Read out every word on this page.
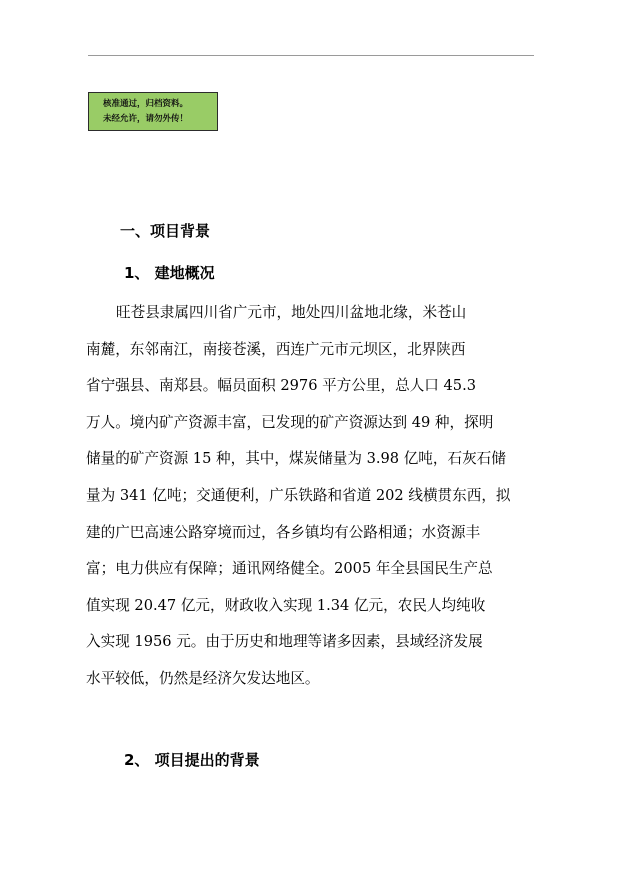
核准通过，归档资料。
未经允许，请勿外传！
一、项目背景
1、 建地概况
旺苍县隶属四川省广元市，地处四川盆地北缘，米苍山
南麓，东邻南江，南接苍溪，西连广元市元坝区，北界陕西
省宁强县、南郑县。幅员面积 2976 平方公里，总人口 45.3
万人。境内矿产资源丰富，已发现的矿产资源达到 49 种，探明
储量的矿产资源 15 种，其中，煤炭储量为 3.98 亿吨，石灰石储
量为 341 亿吨；交通便利，广乐铁路和省道 202 线横贯东西，拟
建的广巴高速公路穿境而过，各乡镇均有公路相通；水资源丰
富；电力供应有保障；通讯网络健全。2005 年全县国民生产总
值实现 20.47 亿元，财政收入实现 1.34 亿元，农民人均纯收
入实现 1956 元。由于历史和地理等诸多因素，县域经济发展
水平较低，仍然是经济欠发达地区。
2、 项目提出的背景
